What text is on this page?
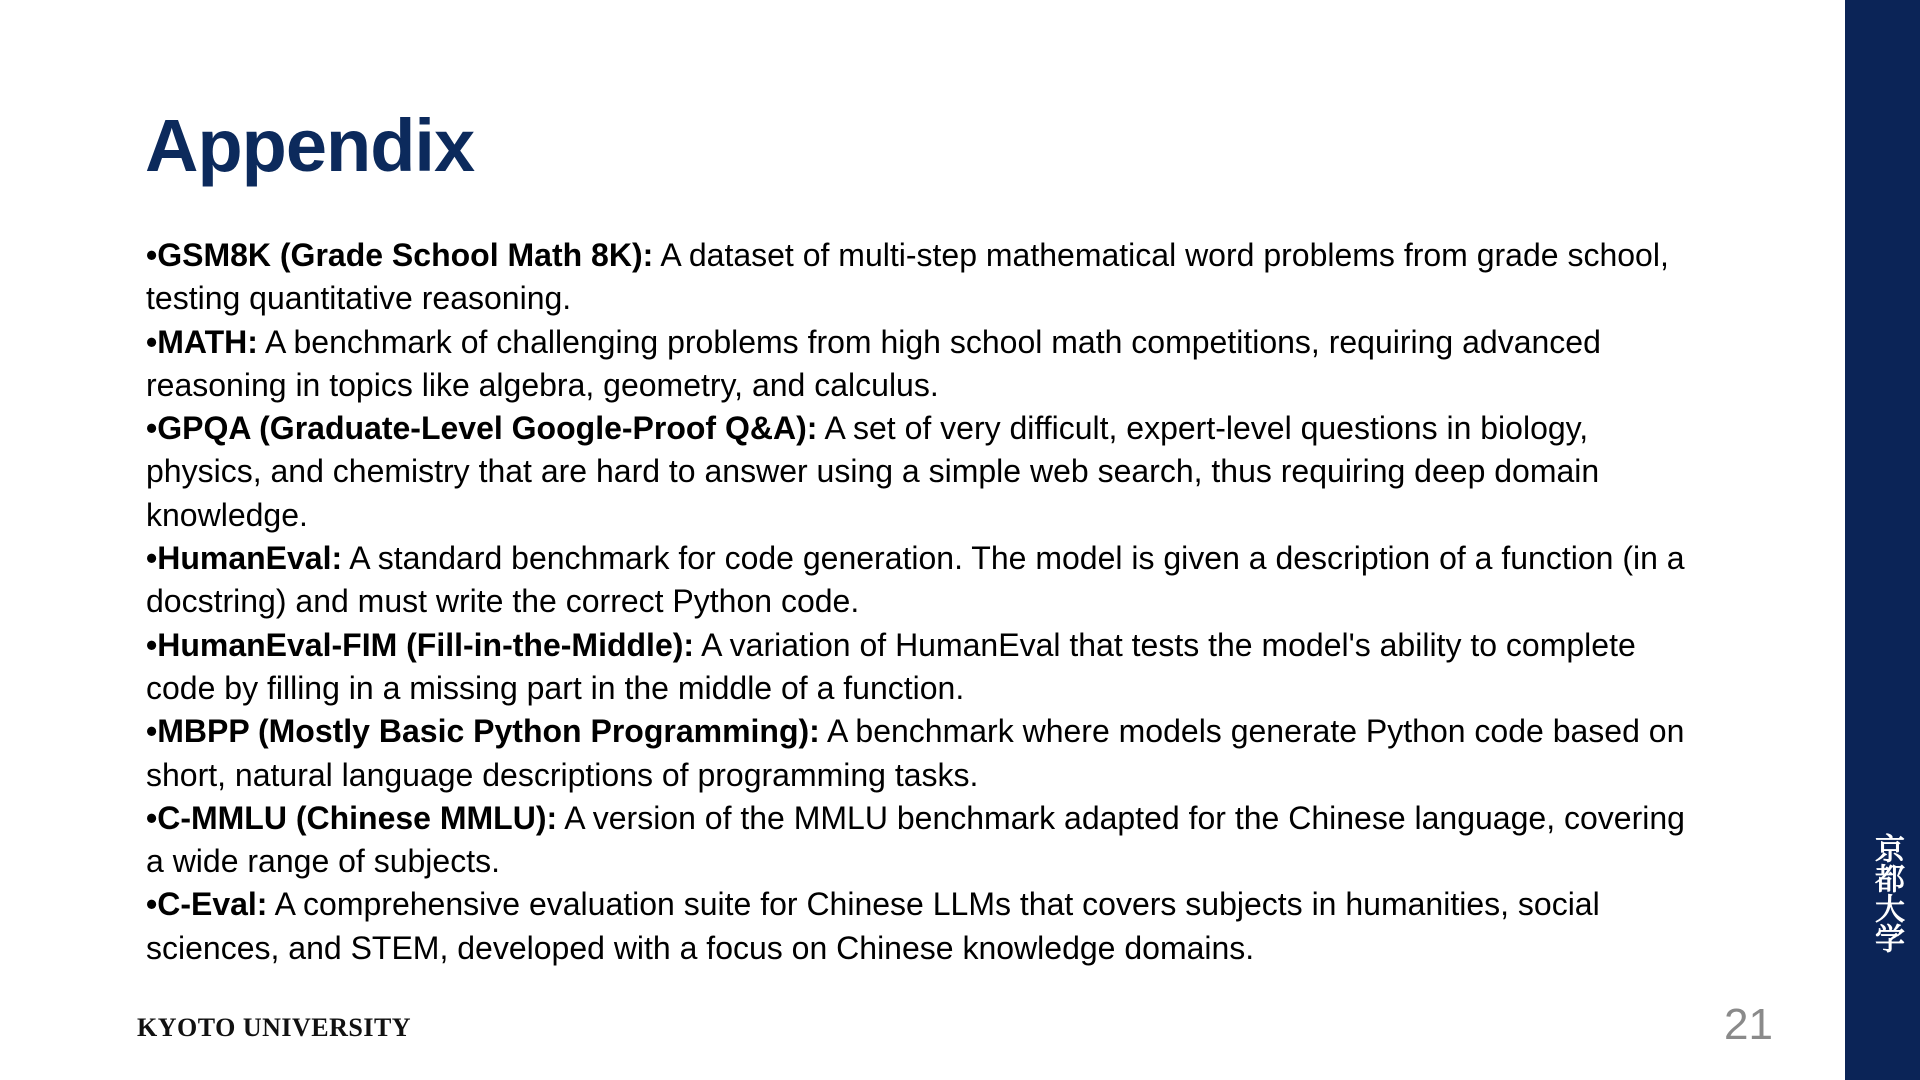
Appendix

•GSM8K (Grade School Math 8K): A dataset of multi-step mathematical word problems from grade school, testing quantitative reasoning.

•MATH: A benchmark of challenging problems from high school math competitions, requiring advanced reasoning in topics like algebra, geometry, and calculus.

•GPQA (Graduate-Level Google-Proof Q&A): A set of very difficult, expert-level questions in biology, physics, and chemistry that are hard to answer using a simple web search, thus requiring deep domain knowledge.

•HumanEval: A standard benchmark for code generation. The model is given a description of a function (in a docstring) and must write the correct Python code.

•HumanEval-FIM (Fill-in-the-Middle): A variation of HumanEval that tests the model's ability to complete code by filling in a missing part in the middle of a function.

•MBPP (Mostly Basic Python Programming): A benchmark where models generate Python code based on short, natural language descriptions of programming tasks.

•C-MMLU (Chinese MMLU): A version of the MMLU benchmark adapted for the Chinese language, covering a wide range of subjects.

•C-Eval: A comprehensive evaluation suite for Chinese LLMs that covers subjects in humanities, social sciences, and STEM, developed with a focus on Chinese knowledge domains.	京都大学
KYOTO UNIVERSITY	21
